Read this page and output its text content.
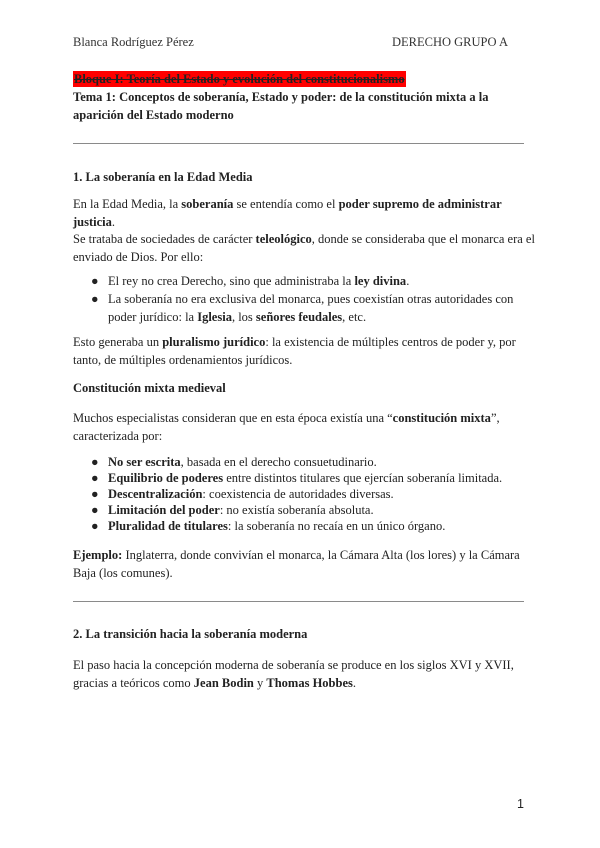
Blanca Rodríguez Pérez	DERECHO GRUPO A
Bloque I: Teoría del Estado y evolución del constitucionalismo
Tema 1: Conceptos de soberanía, Estado y poder: de la constitución mixta a la aparición del Estado moderno
1. La soberanía en la Edad Media
En la Edad Media, la soberanía se entendía como el poder supremo de administrar justicia.
Se trataba de sociedades de carácter teleológico, donde se consideraba que el monarca era el enviado de Dios. Por ello:
● El rey no crea Derecho, sino que administraba la ley divina.
● La soberanía no era exclusiva del monarca, pues coexistían otras autoridades con poder jurídico: la Iglesia, los señores feudales, etc.
Esto generaba un pluralismo jurídico: la existencia de múltiples centros de poder y, por tanto, de múltiples ordenamientos jurídicos.
Constitución mixta medieval
Muchos especialistas consideran que en esta época existía una “constitución mixta”, caracterizada por:
● No ser escrita, basada en el derecho consuetudinario.
● Equilibrio de poderes entre distintos titulares que ejercían soberanía limitada.
● Descentralización: coexistencia de autoridades diversas.
● Limitación del poder: no existía soberanía absoluta.
● Pluralidad de titulares: la soberanía no recaía en un único órgano.
Ejemplo: Inglaterra, donde convivían el monarca, la Cámara Alta (los lores) y la Cámara Baja (los comunes).
2. La transición hacia la soberanía moderna
El paso hacia la concepción moderna de soberanía se produce en los siglos XVI y XVII, gracias a teóricos como Jean Bodin y Thomas Hobbes.
1
